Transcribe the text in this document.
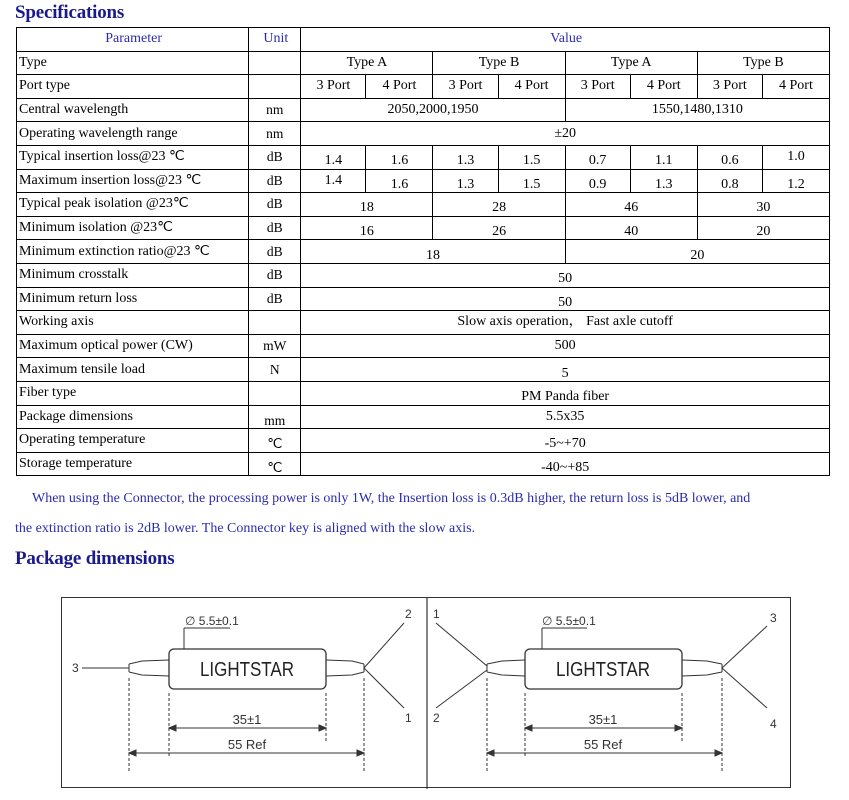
Specifications
Parameter	Unit	Value							
Type		Type A		Type B		Type A		Type B	
Port type		3 Port	4 Port	3 Port	4 Port	3 Port	4 Port	3 Port	4 Port
Central wavelength	nm	2050,2000,1950				1550,1480,1310			
Operating wavelength range	nm	±20							
Typical insertion loss@23 ℃	dB	1.4	1.6	1.3	1.5	0.7	1.1	0.6	1.0
Maximum insertion loss@23 ℃	dB	1.4	1.6	1.3	1.5	0.9	1.3	0.8	1.2
Typical peak isolation @23℃	dB	18		28		46		30	
Minimum isolation @23℃	dB	16		26		40		20	
Minimum extinction ratio@23 ℃	dB	18				20			
Minimum crosstalk	dB	50							
Minimum return loss	dB	50							
Working axis		Slow axis operation， Fast axle cutoff							
Maximum optical power (CW)	mW	500							
Maximum tensile load	N	5							
Fiber type		PM Panda fiber							
Package dimensions	mm	5.5x35							
Operating temperature	℃	-5~+70							
Storage temperature	℃	-40~+85							
When using the Connector, the processing power is only 1W, the Insertion loss is 0.3dB higher, the return loss is 5dB lower, and
the extinction ratio is 2dB lower. The Connector key is aligned with the slow axis.
Package dimensions
∅ 5.5±0.1
LIGHTSTAR
35±1
55 Ref
3
2
1
∅ 5.5±0.1
LIGHTSTAR
35±1
55 Ref
1
2
3
4
